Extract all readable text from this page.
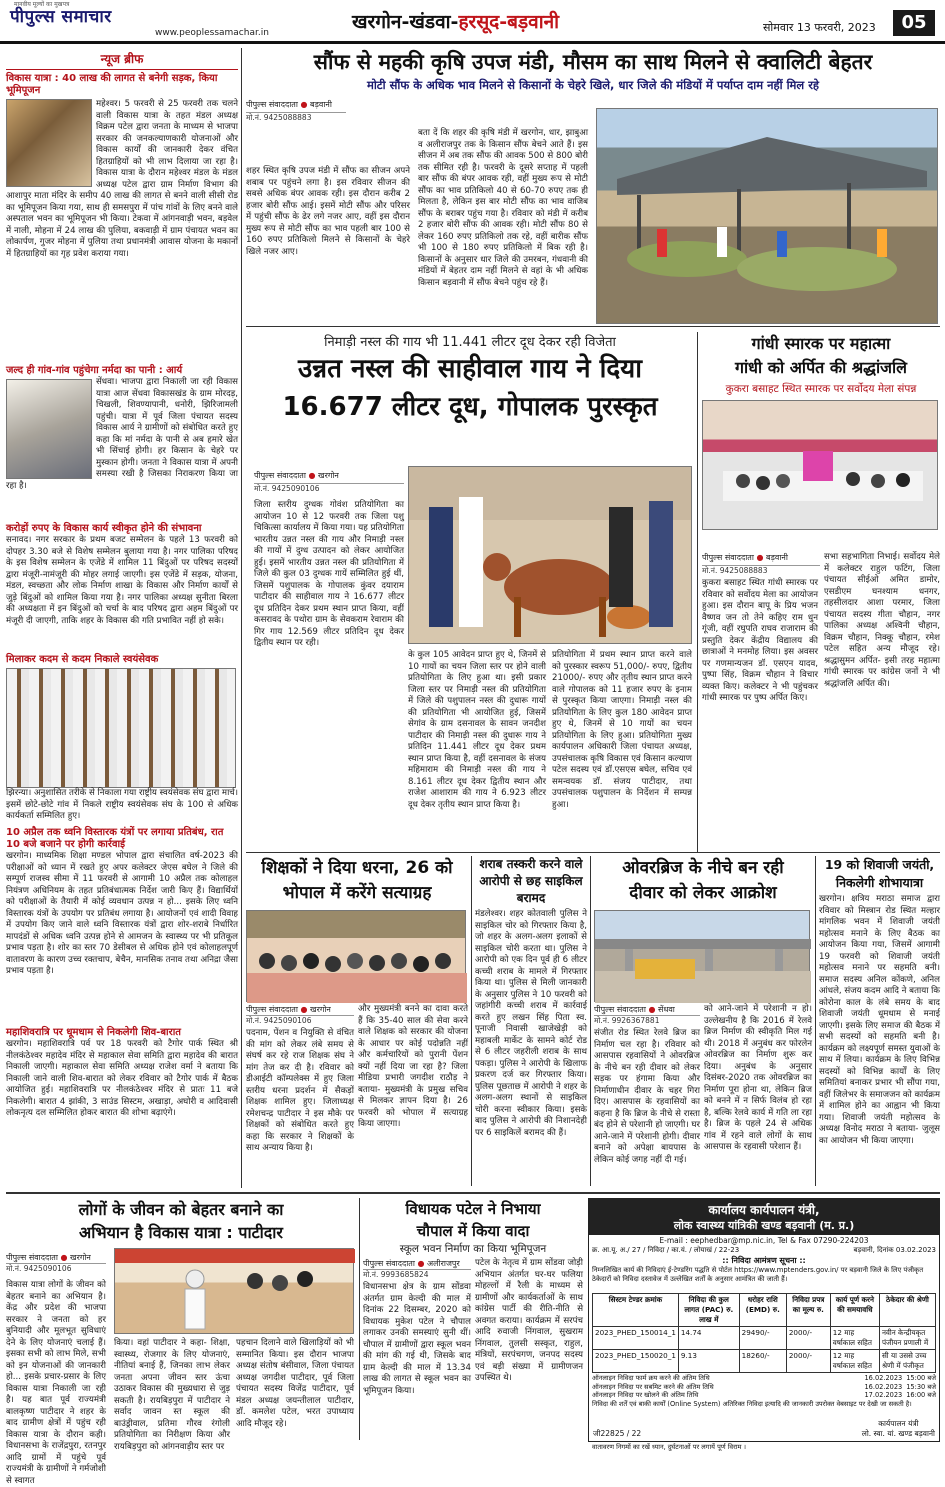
मानवीय मूल्यों का मुखपत्र
पीपुल्स समाचार
www.peoplessamachar.in	खरगोन-खंडवा-हरसूद-बड़वानी	सोमवार 13 फरवरी, 2023	05
न्यूज ब्रीफ
विकास यात्रा : 40 लाख की लागत से बनेगी सड़क, किया भूमिपूजन
महेश्वर। 5 फरवरी से 25 फरवरी तक चलने वाली विकास यात्रा के तहत मंडल अध्यक्ष विक्रम पटेल द्वारा जनता के माध्यम से भाजपा सरकार की जनकल्याणकारी योजनाओं और विकास कार्यों की जानकारी देकर वंचित हितग्राहियों को भी लाभ दिलाया जा रहा है। विकास यात्रा के दौरान महेश्वर मंडल के मंडल अध्यक्ष पटेल द्वारा ग्राम निर्माण विभाग की आशापुर माता मंदिर के समीप 40 लाख की लागत से बनने वाली सीसी रोड का भूमिपूजन किया गया, साथ ही समसपुरा में पांच गांवों के लिए बनने वाले अस्पताल भवन का भूमिपूजन भी किया। टेकवा में आंगनवाड़ी भवन, बड़वेल में नाली, मोहना में 24 लाख की पुलिया, बकवाड़ी में ग्राम पंचायत भवन का लोकार्पण, गुजर मोहना में पुलिया तथा प्रधानमंत्री आवास योजना के मकानों में हितग्राहियों का गृह प्रवेश कराया गया।
जल्द ही गांव-गांव पहुंचेगा नर्मदा का पानी : आर्य
सेंधवा। भाजपा द्वारा निकाली जा रही विकास यात्रा आज सेंधवा विकासखंड के ग्राम मोरदड़, चिखली, शिवण्यापानी, धनोरी, झिरिजामली पहुंची। यात्रा में पूर्व जिला पंचायत सदस्य विकास आर्य ने ग्रामीणों को संबोधित करते हुए कहा कि मां नर्मदा के पानी से अब हमारे खेत भी सिंचाई होगी। हर किसान के चेहरे पर मुस्कान होगी। जनता ने विकास यात्रा में अपनी समस्या रखी है जिसका निराकरण किया जा रहा है।
करोड़ों रुपए के विकास कार्य स्वीकृत होने की संभावना
सनावद। नगर सरकार के प्रथम बजट सम्मेलन के पहले 13 फरवरी को दोपहर 3.30 बजे से विशेष सम्मेलन बुलाया गया है। नगर पालिका परिषद के इस विशेष सम्मेलन के एजेंडे में शामिल 11 बिंदुओं पर परिषद सदस्यों द्वारा मंजूरी-नामंजूरी की मोहर लगाई जाएगी। इस एजेंडे में सड़क, योजना, मंडल, स्वच्छता और लोक निर्माण शाखा के विकास और निर्माण कार्यों से जुड़े बिंदुओं को शामिल किया गया है। नगर पालिका अध्यक्ष सुनीता बिरला की अध्यक्षता में इन बिंदुओं को चर्चा के बाद परिषद द्वारा अहम बिंदुओं पर मंजूरी दी जाएगी, ताकि शहर के विकास की गति प्रभावित नहीं हो सके।
मिलाकर कदम से कदम निकाले स्वयंसेवक
झिरन्या। अनुशासित तरीके से निकाला गया राष्ट्रीय स्वयंसेवक संघ द्वारा मार्च। इसमें छोटे-छोटे गांव में निकले राष्ट्रीय स्वयंसेवक संघ के 100 से अधिक कार्यकर्ता सम्मिलित हुए।
10 अप्रैल तक ध्वनि विस्तारक यंत्रों पर लगाया प्रतिबंध, रात 10 बजे बजाने पर होगी कार्रवाई
खरगोन। माध्यमिक शिक्षा मण्डल भोपाल द्वारा संचालित वर्ष-2023 की परीक्षाओं को ध्यान में रखते हुए अपर कलेक्टर जेएस बघेल ने जिले की सम्पूर्ण राजस्व सीमा में 11 फरवरी से आगामी 10 अप्रैल तक कोलाहल नियंत्रण अधिनियम के तहत प्रतिबंधात्मक निर्देश जारी किए हैं। विद्यार्थियों को परीक्षाओं के तैयारी में कोई व्यवधान उत्पन्न न हो... इसके लिए ध्वनि विस्तारक यंत्रों के उपयोग पर प्रतिबंध लगाया है। आयोजनों एवं शादी विवाह में उपयोग किए जाने वाले ध्वनि विस्तारक यंत्रों द्वारा शोर-शराबे निर्धारित मापदंडों से अधिक ध्वनि उत्पन्न होने से आमजन के स्वास्थ्य पर भी प्रतिकूल प्रभाव पड़ता है। शोर का स्तर 70 डेसीबल से अधिक होने एवं कोलाहलपूर्ण वातावरण के कारण उच्च रक्तचाप, बेचैन, मानसिक तनाव तथा अनिद्रा जैसा प्रभाव पड़ता है।
महाशिवरात्रि पर धूमधाम से निकलेगी शिव-बारात
खरगोन। महाशिवरात्रि पर्व पर 18 फरवरी को टैगोर पार्क स्थित श्री नीलकंठेश्वर महादेव मंदिर से महाकाल सेवा समिति द्वारा महादेव की बारात निकाली जाएगी। महाकाल सेवा समिति अध्यक्ष राजेश वर्मा ने बताया कि निकाली जाने वाली शिव-बारात को लेकर रविवार को टैगोर पार्क में बैठक आयोजित हुई। महाशिवरात्रि पर नीलकंठेश्वर मंदिर से प्रातः 11 बजे निकलेगी। बारात 4 झांकी, 3 साउंड सिस्टम, अखाड़ा, अघोरी व आदिवासी लोकनृत्य दल सम्मिलित होकर बारात की शोभा बढ़ाएंगे।
सौंफ से महकी कृषि उपज मंडी, मौसम का साथ मिलने से क्वालिटी बेहतर
मोटी सौंफ के अधिक भाव मिलने से किसानों के चेहरे खिले, धार जिले की मंडियों में पर्याप्त दाम नहीं मिल रहे
पीपुल्स संवाददाता ● बड़वानी
मो.नं. 9425088883
शहर स्थित कृषि उपज मंडी में सौंफ का सीजन अपने शबाब पर पहुंचने लगा है। इस रविवार सीजन की सबसे अधिक बंपर आवक रही। इस दौरान करीब 2 हजार बोरी सौंफ आई। इसमें मोटी सौंफ और परिसर में पहुंची सौंफ के ढेर लगे नजर आए, वहीं इस दौरान मुख्य रूप से मोटी सौंफ का भाव पहली बार 100 से 160 रुपए प्रतिकिलो मिलने से किसानों के चेहरे खिले नजर आए।
बता दें कि शहर की कृषि मंडी में खरगोन, धार, झाबुआ व अलीराजपुर तक के किसान सौंफ बेचने आते हैं। इस सीजन में अब तक सौंफ की आवक 500 से 800 बोरी तक सीमित रही है। फरवरी के दूसरे सप्ताह में पहली बार सौंफ की बंपर आवक रही, वहीं मुख्य रूप से मोटी सौंफ का भाव प्रतिकिलो 40 से 60-70 रुपए तक ही मिलता है, लेकिन इस बार मोटी सौंफ का भाव वाजिब सौंफ के बराबर पहुंच गया है। रविवार को मंडी में करीब 2 हजार बोरी सौंफ की आवक रही। मोटी सौंफ 80 से लेकर 160 रुपए प्रतिकिलो तक रहे, वहीं बारीक सौंफ भी 100 से 180 रुपए प्रतिकिलो में बिक रही है। किसानों के अनुसार धार जिले की उमरबन, गंधवानी की मंडियों में बेहतर दाम नहीं मिलने से वहां के भी अधिक किसान बड़वानी में सौंफ बेचने पहुंच रहे हैं।
निमाड़ी नस्ल की गाय भी 11.441 लीटर दूध देकर रही विजेता
उन्नत नस्ल की साहीवाल गाय ने दिया
16.677 लीटर दूध, गोपालक पुरस्कृत
पीपुल्स संवाददाता ● खरगोन
मो.नं. 9425090106
जिला स्तरीय दुग्धक गोवंश प्रतियोगिता का आयोजन 10 से 12 फरवरी तक जिला पशु चिकित्सा कार्यालय में किया गया। यह प्रतियोगिता भारतीय उन्नत नस्ल की गाय और निमाड़ी नस्ल की गायों में दुग्ध उत्पादन को लेकर आयोजित हुई। इसमें भारतीय उन्नत नस्ल की प्रतियोगिता में जिले की कुल 03 दुग्धक गायें सम्मिलित हुई थीं, जिसमें पशुपालक के गोपालक कुंवर दयाराम पाटीदार की साहीवाल गाय ने 16.677 लीटर दूध प्रतिदिन देकर प्रथम स्थान प्राप्त किया, वहीं कसरावद के पथोरा ग्राम के सेवकराम रेवाराम की गिर गाय 12.569 लीटर प्रतिदिन दूध देकर द्वितीय स्थान पर रही।
के कुल 105 आवेदन प्राप्त हुए थे, जिनमें से 10 गायों का चयन जिला स्तर पर होने वाली प्रतियोगिता के लिए हुआ था। इसी प्रकार जिला स्तर पर निमाड़ी नस्ल की प्रतियोगिता में जिले की पशुपालन नस्ल की दुधारू गायों की प्रतियोगिता भी आयोजित हुई, जिसमें सेगांव के ग्राम दसनावल के सावन जनदीश पाटीदार की निमाड़ी नस्ल की दुधारू गाय ने प्रतिदिन 11.441 लीटर दूध देकर प्रथम स्थान प्राप्त किया है, वहीं दसनावल के संजय महिमाराम की निमाड़ी नस्ल की गाय ने 8.161 लीटर दूध देकर द्वितीय स्थान और राजेश आशाराम की गाय ने 6.923 लीटर दूध देकर तृतीय स्थान प्राप्त किया है।
प्रतियोगिता में प्रथम स्थान प्राप्त करने वाले को पुरस्कार स्वरूप 51,000/- रुपए, द्वितीय 21000/- रुपए और तृतीय स्थान प्राप्त करने वाले गोपालक को 11 हजार रुपए के इनाम से पुरस्कृत किया जाएगा। निमाड़ी नस्ल की प्रतियोगिता के लिए कुल 180 आवेदन प्राप्त हुए थे, जिनमें से 10 गायों का चयन प्रतियोगिता के लिए हुआ। प्रतियोगिता मुख्य कार्यपालन अधिकारी जिला पंचायत अध्यक्ष, उपसंचालक कृषि विकास एवं किसान कल्याण पटेल सदस्य एवं डॉ.एसएस बघेल, सचिव एवं समन्वयक डॉ. संजय पाटीदार, तथा उपसंचालक पशुपालन के निर्देशन में सम्पन्न हुआ।
गांधी स्मारक पर महात्मा
गांधी को अर्पित की श्रद्धांजलि
कुकरा बसाहट स्थित स्मारक पर सर्वोदय मेला संपन्न
पीपुल्स संवाददाता ● बड़वानी
मो.नं. 9425088883
कुकरा बसाहट स्थित गांधी स्मारक पर रविवार को सर्वोदय मेला का आयोजन हुआ। इस दौरान बापू के प्रिय भजन वैष्णव जन तो तेने कहिए राम धुन गूंजी, वहीं रघुपति राघव राजाराम की प्रस्तुति देकर केंद्रीय विद्यालय की छात्राओं ने मनमोह लिया। इस अवसर पर गणमान्यजन डॉ. एसएन यादव, पुष्पा सिंह, विक्रम चौहान ने विचार व्यक्त किए। कलेक्टर ने भी पहुंचकर गांधी स्मारक पर पुष्प अर्पित किए।
सभा सहभागिता निभाई। सर्वोदय मेले में कलेक्टर राहुल फटिंग, जिला पंचायत सीईओ अमित डामोर, एसडीएम घनश्याम धनगर, तहसीलदार आशा परमार, जिला पंचायत सदस्य गीता चौहान, नगर पालिका अध्यक्ष अश्विनी चौहान, विक्रम चौहान, निक्कू चौहान, रमेश पटेल सहित अन्य मौजूद रहे। श्रद्धासुमन अर्पित- इसी तरह महात्मा गांधी स्मारक पर कांग्रेस जनों ने भी श्रद्धांजलि अर्पित की।
शिक्षकों ने दिया धरना, 26 को
भोपाल में करेंगे सत्याग्रह
पीपुल्स संवाददाता ● खरगोन
मो.नं. 9425090106
पदनाम, पेंशन व नियुक्ति से वंचित की मांग को लेकर लंबे समय से संघर्ष कर रहे राज शिक्षक संघ ने मांग तेज कर दी है। रविवार को डीआईटी कॉम्पलेक्स में हुए जिला स्तरीय धरना प्रदर्शन में सैकड़ों शिक्षक शामिल हुए। जिलाध्यक्ष रमेशचन्द्र पाटीदार ने इस मौके पर शिक्षकों को संबोधित करते हुए कहा कि सरकार ने शिक्षकों के साथ अन्याय किया है।
और मुख्यमंत्री बनने का दावा करते हैं कि 35-40 साल की सेवा करने वाले शिक्षक को सरकार की योजना के आधार पर कोई पदोन्नति नहीं और कर्मचारियों को पुरानी पेंशन क्यों नहीं दिया जा रहा है? जिला मीडिया प्रभारी जगदीश राठौड़ ने बताया- मुख्यमंत्री के प्रमुख सचिव से मिलकर ज्ञापन दिया है। 26 फरवरी को भोपाल में सत्याग्रह किया जाएगा।
शराब तस्करी करने वाले आरोपी से छह साइकिल बरामद
मंडलेश्वर। शहर कोतवाली पुलिस ने साइकिल चोर को गिरफ्तार किया है, जो शहर के अलग-अलग इलाकों से साइकिल चोरी करता था। पुलिस ने आरोपी को एक दिन पूर्व ही 6 लीटर कच्ची शराब के मामले में गिरफ्तार किया था। पुलिस से मिली जानकारी के अनुसार पुलिस ने 10 फरवरी को जहांगीरी कच्ची शराब में कार्रवाई करते हुए लखन सिंह पिता स्व. पूनाजी निवासी खाजेखेड़ी को महाबली मार्केट के सामने कोर्ट रोड से 6 लीटर जहरीली शराब के साथ पकड़ा। पुलिस ने आरोपी के खिलाफ प्रकरण दर्ज कर गिरफ्तार किया। पुलिस पूछताछ में आरोपी ने शहर के अलग-अलग स्थानों से साइकिल चोरी करना स्वीकार किया। इसके बाद पुलिस ने आरोपी की निशानदेही पर 6 साइकिलें बरामद की हैं।
ओवरब्रिज के नीचे बन रही
दीवार को लेकर आक्रोश
पीपुल्स संवाददाता ● सेंधवा
मो.नं. 9926367881
संजीत रोड स्थित रेलवे ब्रिज का निर्माण चल रहा है। रविवार को आसपास रहवासियों ने ओवरब्रिज के नीचे बन रही दीवार को लेकर सड़क पर हंगामा किया और निर्माणाधीन दीवार के चहर गिरा दिए। आसपास के रहवासियों का कहना है कि ब्रिज के नीचे से रास्ता बंद होने से परेशानी हो जाएगी। घर आने-जाने में परेशानी होगी। दीवार बनाने को अपेक्षा बायपास के लेकिन कोई जगह नहीं दी गई।
को आने-जाने में परेशानी न हो। उल्लेखनीय है कि 2016 में रेलवे ब्रिज निर्माण की स्वीकृति मिल गई थी। 2018 में अनुबंध कर फोरलेन ओवरब्रिज का निर्माण शुरू कर दिया। अनुबंध के अनुसार दिसंबर-2020 तक ओवरब्रिज का निर्माण पूरा होना था, लेकिन ब्रिज को बनने में न सिर्फ विलंब हो रहा है, बल्कि रेलवे कार्य में गति ला रहा है। ब्रिज के पहले 24 से अधिक गांव में रहने वाले लोगों के साथ आसपास के रहवासी परेशान हैं।
19 को शिवाजी जयंती, निकलेगी शोभायात्रा
खरगोन। क्षत्रिय मराठा समाज द्वारा रविवार को मिस्त्रान रोड स्थित मल्हार मांगलिक भवन में शिवाजी जयंती महोत्सव मनाने के लिए बैठक का आयोजन किया गया, जिसमें आगामी 19 फरवरी को शिवाजी जयंती महोत्सव मनाने पर सहमति बनी। समाज सदस्य अनिल कोंकणे, अनिल आंधले, संजय कदम आदि ने बताया कि कोरोना काल के लंबे समय के बाद शिवाजी जयंती धूमधाम से मनाई जाएगी। इसके लिए समाज की बैठक में सभी सदस्यों को सहमति बनी है। कार्यक्रम को लक्ष्यपूर्ण समस्त युवाओं के साथ में लिया। कार्यक्रम के लिए विभिन्न सदस्यों को विभिन्न कार्यों के लिए समितियां बनाकर प्रभार भी सौंपा गया, वहीं जिलेभर के समाजजन को कार्यक्रम में शामिल होने का आह्वान भी किया गया। शिवाजी जयंती महोत्सव के अध्यक्ष विनोद मराठा ने बताया- जुलूस का आयोजन भी किया जाएगा।
लोगों के जीवन को बेहतर बनाने का
अभियान है विकास यात्रा : पाटीदार
पीपुल्स संवाददाता ● खरगोन
मो.नं. 9425090106
विकास यात्रा लोगों के जीवन को बेहतर बनाने का अभियान है। केंद्र और प्रदेश की भाजपा सरकार ने जनता को हर बुनियादी और मूलभूत सुविधाएं देने के लिए योजनाएं चलाई हैं। इसका सभी को लाभ मिले, सभी को इन योजनाओं की जानकारी हो... इसके प्रचार-प्रसार के लिए विकास यात्रा निकाली जा रही है। यह बात पूर्व राज्यमंत्री बालकृष्ण पाटीदार ने शहर के बाद ग्रामीण क्षेत्रों में पहुंच रही विकास यात्रा के दौरान कही। विधानसभा के राजेंद्रपुरा, रतनपुर आदि ग्रामों में पहुंचे पूर्व राज्यमंत्री के ग्रामीणों ने गर्मजोशी से स्वागत
किया। वहां पाटीदार ने कहा- शिक्षा, स्वास्थ्य, रोजगार के लिए योजनाएं, नीतियां बनाई हैं, जिनका लाभ लेकर जनता अपना जीवन स्तर ऊंचा उठाकर विकास की मुख्यधारा से जुड़ सकती है। रायबिड़पुरा में पाटीदार ने सर्वाद जावन स्त स्कूल की बाउंड्रीवाल, प्रतिमा गौरव रंगोली प्रतियोगिता का निरीक्षण किया और रायबिड़पुरा को आंगनवाड़ीय स्तर पर
पहचान दिलाने वाले खिलाड़ियों को भी सम्मानित किया। इस दौरान भाजपा अध्यक्ष संतोष बंसीवाल, जिला पंचायत अध्यक्ष जगदीश पाटीदार, पूर्व जिला पंचायत सदस्य विजेंद्र पाटीदार, पूर्व मंडल अध्यक्ष जयन्तीलाल पाटीदार, डॉ. कमलेश पटेल, भरत उपाध्याय आदि मौजूद रहे।
विधायक पटेल ने निभाया
चौपाल में किया वादा
स्कूल भवन निर्माण का किया भूमिपूजन
पीपुल्स संवाददाता ● अलीराजपुर
मो.नं. 9993685824
विधानसभा क्षेत्र के ग्राम सोंडवा अंतर्गत ग्राम केल्दी की माल में दिनांक 22 दिसम्बर, 2020 को विधायक मुकेश पटेल ने चौपाल लगाकर उनकी समस्याएं सुनी थीं। चौपाल में ग्रामीणों द्वारा स्कूल भवन की मांग की गई थी, जिसके बाद ग्राम केल्दी की माल में 13.34 लाख की लागत से स्कूल भवन का भूमिपूजन किया।
पटेल के नेतृत्व में ग्राम सोंडवा जोड़ी अभियान अंतर्गत घर-घर फलिया मोहल्लों में रैली के माध्यम से ग्रामीणों और कार्यकर्ताओं के साथ कांग्रेस पार्टी की रीति-नीति से अवगत कराया। कार्यक्रम में सरपंच आदि रुवाजी निंगवाल, सुखराम निंगवाल, तुलसी सस्कृत, राहुल, मंत्रियों, सरपंचगण, जनपद सदस्य एवं बड़ी संख्या में ग्रामीणजन उपस्थित थे।
कार्यालय कार्यपालन यंत्री,
लोक स्वास्थ्य यांत्रिकी खण्ड बड़वानी (म. प्र.)
E-mail : eephedbar@mp.nic.in, Tel & Fax 07290-224203
क्र. आ.यू. अ./ 27 / निविदा / का.यं. / लोयाखं / 22-23	बड़वानी, दिनांक 03.02.2023
:: निविदा आमंत्रण सूचना ::
निम्नलिखित कार्य की निविदाएं ई-टेण्डरिंग पद्धति से पोर्टल https://www.mptenders.gov.in/ पर बड़वानी जिले के लिए पंजीकृत ठेकेदारों को निविदा दस्तावेज में उल्लेखित शर्तों के अनुसार आमंत्रित की जाती हैं।
सिस्टम टेण्डर क्रमांक	निविदा की कुल लागत (PAC) रु. लाख में	धरोहर राशि (EMD) रु.	निविदा प्रपत्र का मूल्य रु.	कार्य पूर्ण करने की समयावधि	ठेकेदार की श्रेणी
2023_PHED_150014_1	14.74	29490/-	2000/-	12 माह वर्षाकाल सहित	नवीन केन्द्रीयकृत पंजीयन प्रणाली में
2023_PHED_150020_1	9.13	18260/-	2000/-	12 माह वर्षाकाल सहित	सी या उससे उच्च श्रेणी में पंजीकृत
ऑनलाइन निविदा फार्म क्रय करने की अंतिम तिथि	16.02.2023 15:00 बजे
ऑनलाइन निविदा पर सबमिट करने की अंतिम तिथि	16.02.2023 15:30 बजे
ऑनलाइन निविदा पर खोलने की अंतिम तिथि	17.02.2023 16:00 बजे
निविदा की शर्तें एवं बाकी कार्यों (Online System) अतिरिक्त निविदा इत्यादि की जानकारी उपरोक्त वेबसाइट पर देखी जा सकती है।
जी22825 / 22
कार्यपालन यंत्री
लो. स्वा. यां. खण्ड बड़वानी
वातावरण निगमों का रखें ध्यान, दुर्घटनाओं पर लगायें पूर्ण विराम ।
